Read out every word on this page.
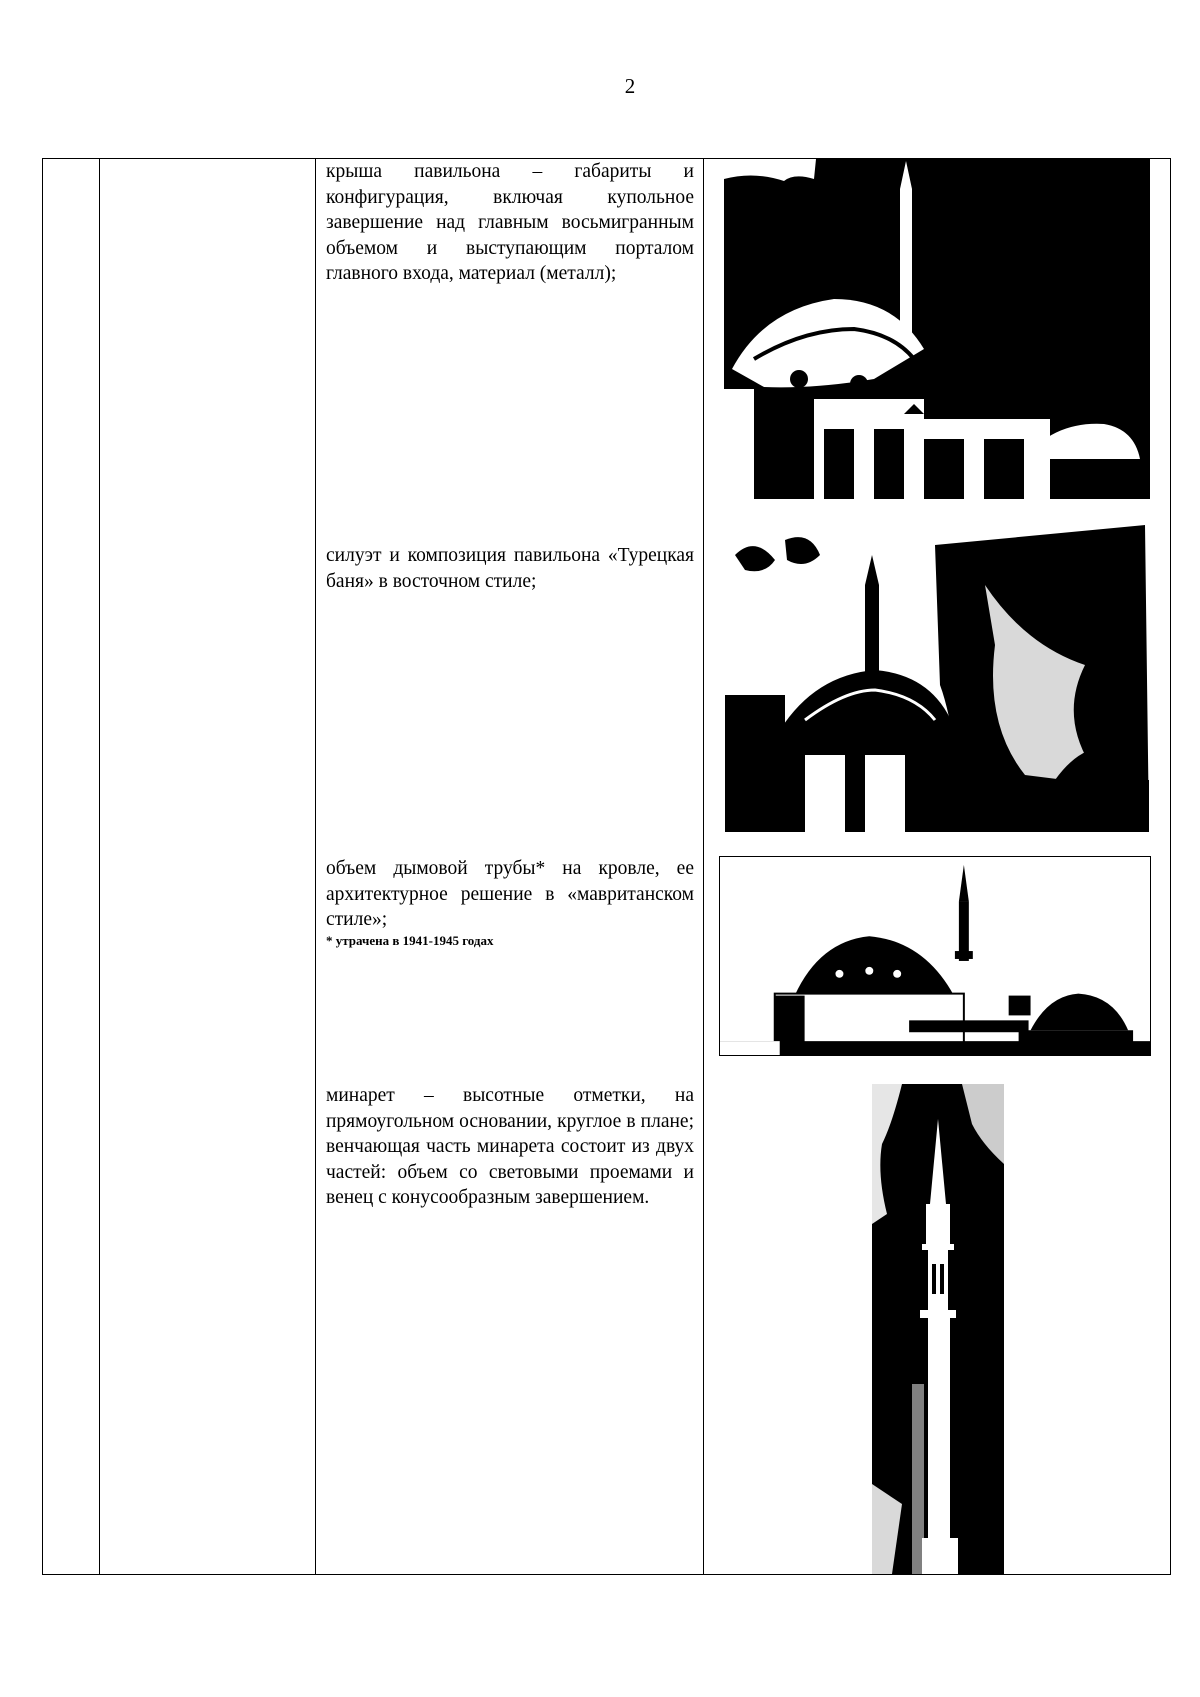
2
крыша павильона – габариты и конфигурация, включая купольное завершение над главным восьмигранным объемом и выступающим порталом главного входа, материал (металл);
силуэт и композиция павильона «Турецкая баня» в восточном стиле;
объем дымовой трубы* на кровле, ее архитектурное решение в «мавританском стиле»;
* утрачена в 1941-1945 годах
минарет – высотные отметки, на прямоугольном основании, круглое в плане; венчающая часть минарета состоит из двух частей: объем со световыми проемами и венец с конусообразным завершением.
